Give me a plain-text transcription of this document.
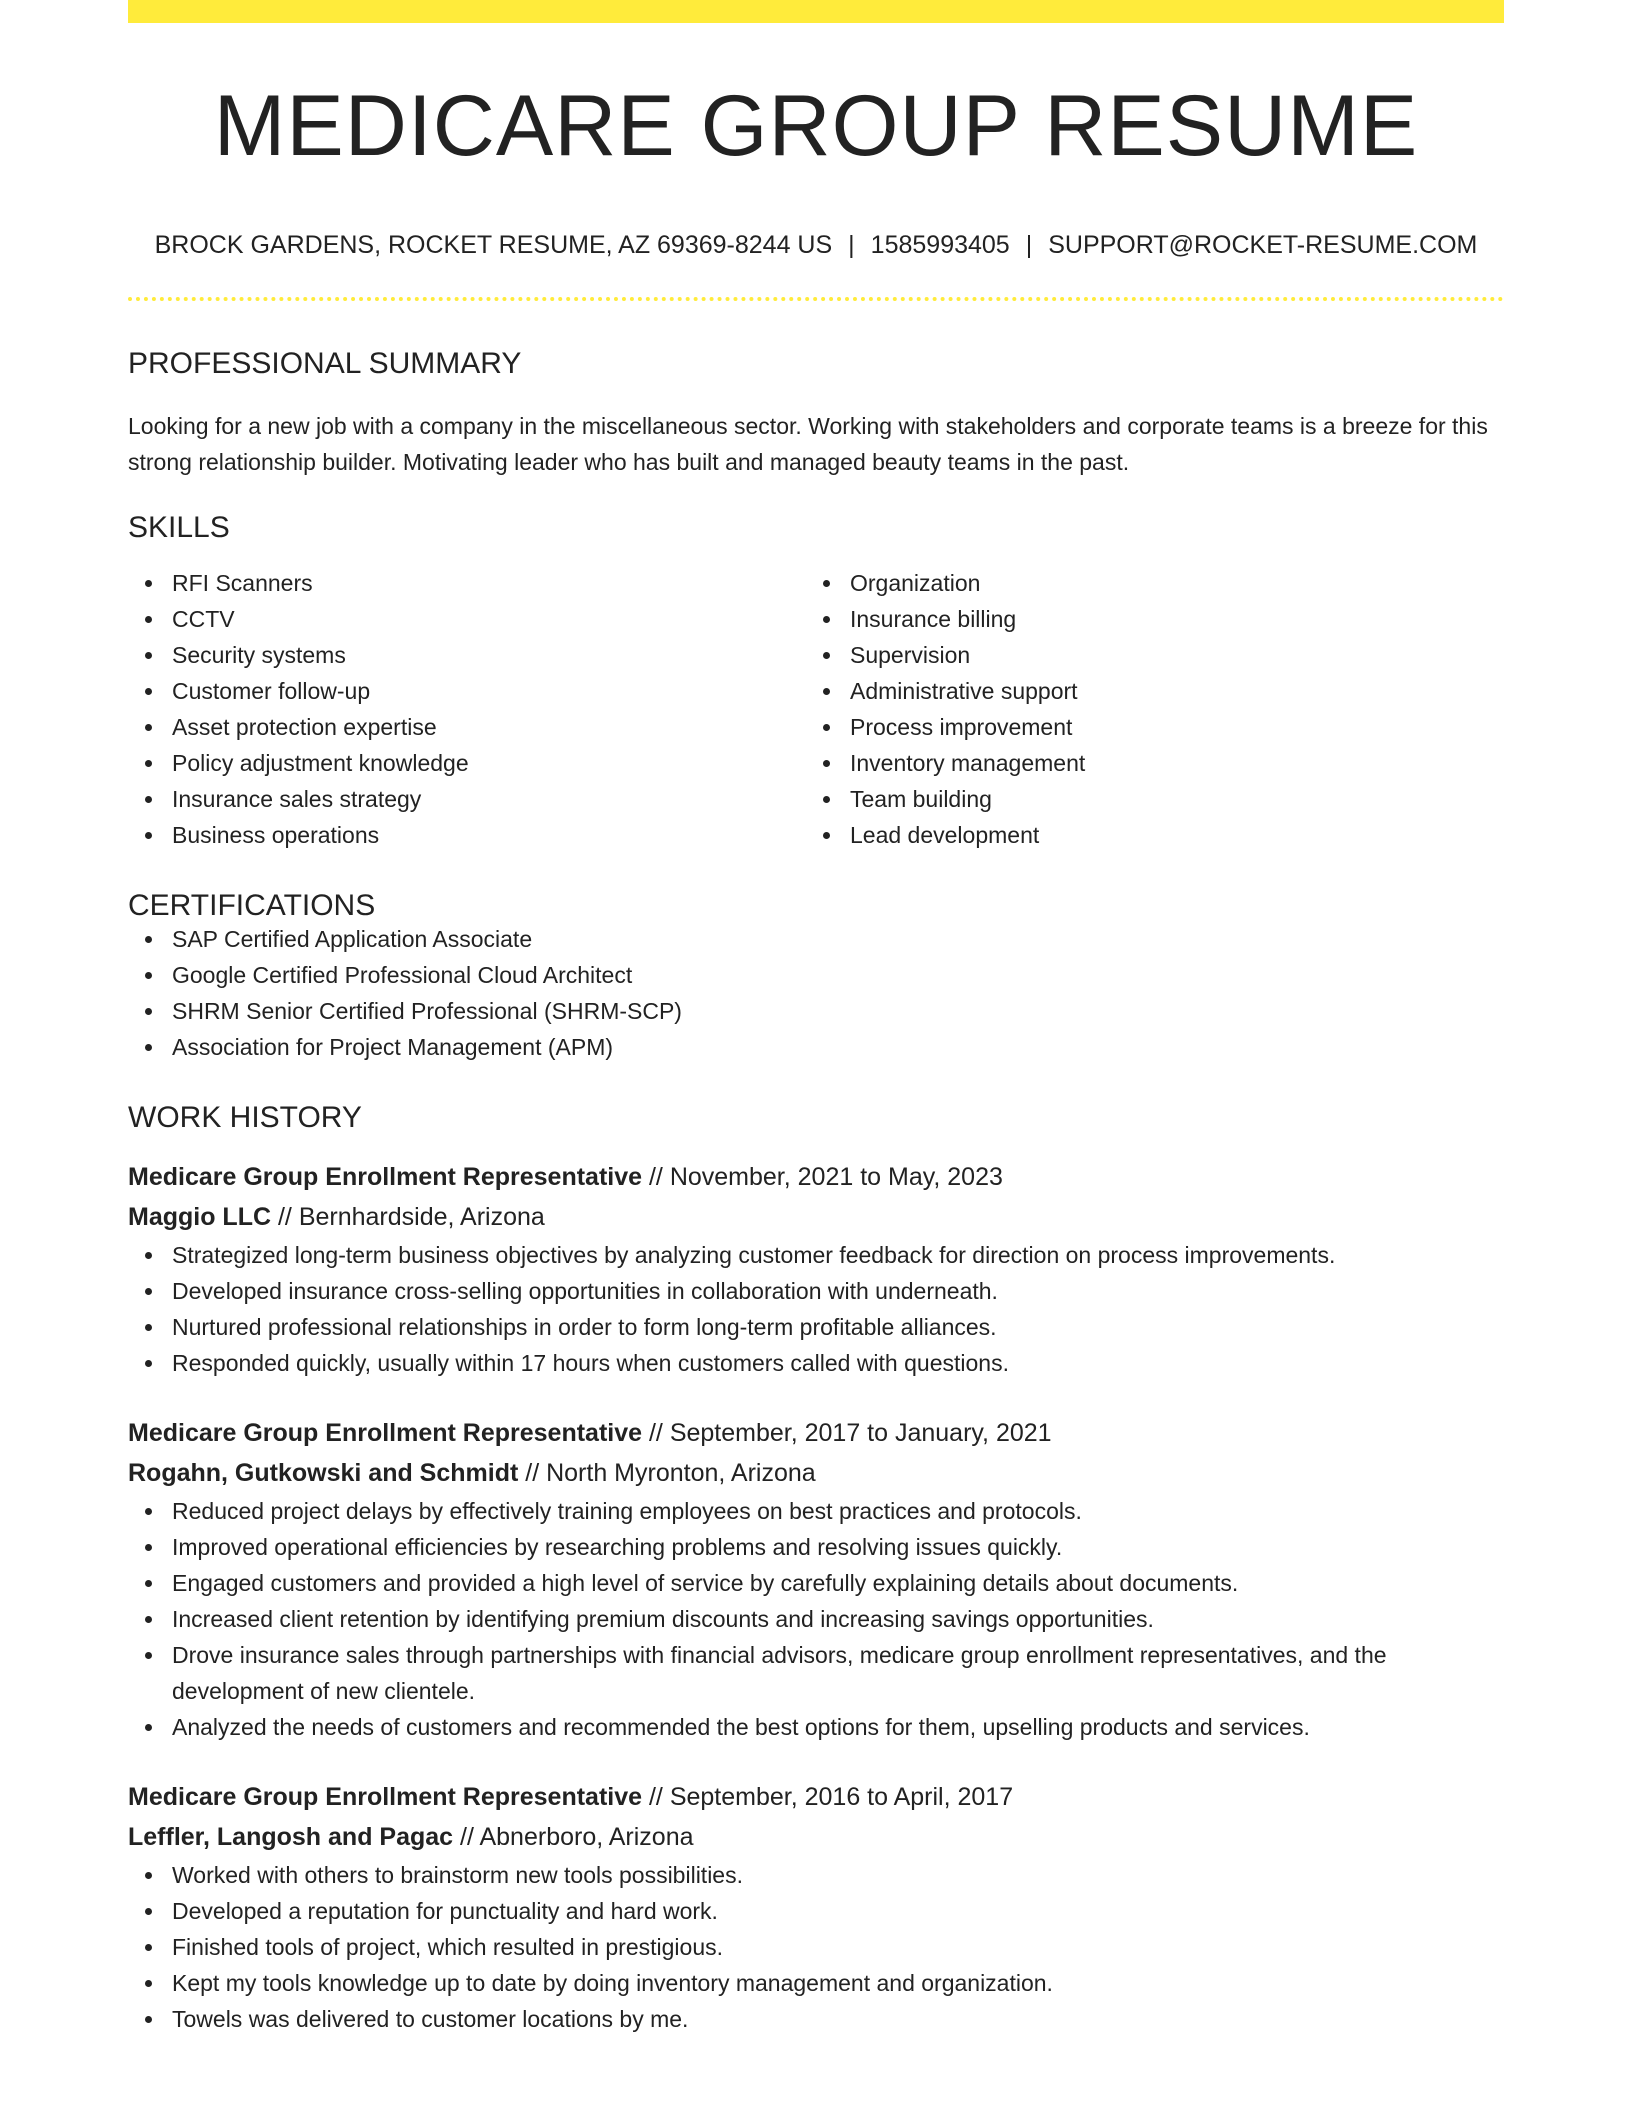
MEDICARE GROUP RESUME
BROCK GARDENS, ROCKET RESUME, AZ 69369-8244 US | 1585993405 | SUPPORT@ROCKET-RESUME.COM
PROFESSIONAL SUMMARY
Looking for a new job with a company in the miscellaneous sector. Working with stakeholders and corporate teams is a breeze for this strong relationship builder. Motivating leader who has built and managed beauty teams in the past.
SKILLS
RFI Scanners
CCTV
Security systems
Customer follow-up
Asset protection expertise
Policy adjustment knowledge
Insurance sales strategy
Business operations
Organization
Insurance billing
Supervision
Administrative support
Process improvement
Inventory management
Team building
Lead development
CERTIFICATIONS
SAP Certified Application Associate
Google Certified Professional Cloud Architect
SHRM Senior Certified Professional (SHRM-SCP)
Association for Project Management (APM)
WORK HISTORY
Medicare Group Enrollment Representative // November, 2021 to May, 2023
Maggio LLC // Bernhardside, Arizona
Strategized long-term business objectives by analyzing customer feedback for direction on process improvements.
Developed insurance cross-selling opportunities in collaboration with underneath.
Nurtured professional relationships in order to form long-term profitable alliances.
Responded quickly, usually within 17 hours when customers called with questions.
Medicare Group Enrollment Representative // September, 2017 to January, 2021
Rogahn, Gutkowski and Schmidt // North Myronton, Arizona
Reduced project delays by effectively training employees on best practices and protocols.
Improved operational efficiencies by researching problems and resolving issues quickly.
Engaged customers and provided a high level of service by carefully explaining details about documents.
Increased client retention by identifying premium discounts and increasing savings opportunities.
Drove insurance sales through partnerships with financial advisors, medicare group enrollment representatives, and the development of new clientele.
Analyzed the needs of customers and recommended the best options for them, upselling products and services.
Medicare Group Enrollment Representative // September, 2016 to April, 2017
Leffler, Langosh and Pagac // Abnerboro, Arizona
Worked with others to brainstorm new tools possibilities.
Developed a reputation for punctuality and hard work.
Finished tools of project, which resulted in prestigious.
Kept my tools knowledge up to date by doing inventory management and organization.
Towels was delivered to customer locations by me.
